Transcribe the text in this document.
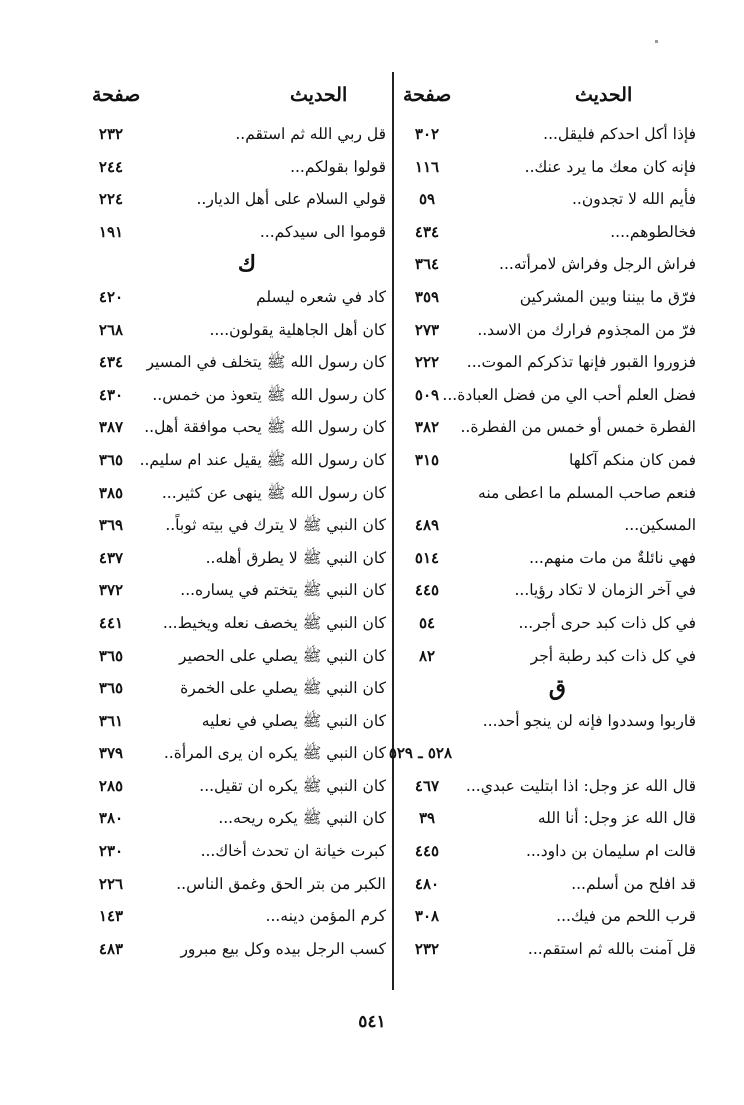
الحديث
صفحة
الحديث
صفحة
فإذا أكل احدكم فليقل...
٣٠٢
فإنه كان معك ما يرد عنك..
١١٦
فأيم الله لا تجدون..
٥٩
فخالطوهم....
٤٣٤
فراش الرجل وفراش لامرأته...
٣٦٤
فرّق ما بيننا وبين المشركين
٣٥٩
فرّ من المجذوم فرارك من الاسد..
٢٧٣
فزوروا القبور فإنها تذكركم الموت...
٢٢٢
فضل العلم أحب الي من فضل العبادة...
٥٠٩
الفطرة خمس أو خمس من الفطرة..
٣٨٢
فمن كان منكم آكلها
٣١٥
فنعم صاحب المسلم ما اعطى منه
المسكين...
٤٨٩
فهي نائلةٌ من مات منهم...
٥١٤
في آخر الزمان لا تكاد رؤيا...
٤٤٥
في كل ذات كبد حرى أجر...
٥٤
في كل ذات كبد رطبة أجر
٨٢
ق
قاربوا وسددوا فإنه لن ينجو أحد...
٥٢٨ ـ ٥٢٩
قال الله عز وجل: اذا ابتليت عبدي...
٤٦٧
قال الله عز وجل: أنا الله
٣٩
قالت ام سليمان بن داود...
٤٤٥
قد افلح من أسلم...
٤٨٠
قرب اللحم من فيك...
٣٠٨
قل آمنت بالله ثم استقم...
٢٣٢
قل ربي الله ثم استقم..
٢٣٢
قولوا بقولكم...
٢٤٤
قولي السلام على أهل الديار..
٢٢٤
قوموا الى سيدكم...
١٩١
ك
كاد في شعره ليسلم
٤٢٠
كان أهل الجاهلية يقولون....
٢٦٨
كان رسول الله ﷺ يتخلف في المسير
٤٣٤
كان رسول الله ﷺ يتعوذ من خمس..
٤٣٠
كان رسول الله ﷺ يحب موافقة أهل..
٣٨٧
كان رسول الله ﷺ يقيل عند ام سليم..
٣٦٥
كان رسول الله ﷺ ينهى عن كثير...
٣٨٥
كان النبي ﷺ لا يترك في بيته ثوباً..
٣٦٩
كان النبي ﷺ لا يطرق أهله..
٤٣٧
كان النبي ﷺ يتختم في يساره...
٣٧٢
كان النبي ﷺ يخصف نعله ويخيط...
٤٤١
كان النبي ﷺ يصلي على الحصير
٣٦٥
كان النبي ﷺ يصلي على الخمرة
٣٦٥
كان النبي ﷺ يصلي في نعليه
٣٦١
كان النبي ﷺ يكره ان يرى المرأة..
٣٧٩
كان النبي ﷺ يكره ان تقيل...
٢٨٥
كان النبي ﷺ يكره ريحه...
٣٨٠
كبرت خيانة ان تحدث أخاك...
٢٣٠
الكبر من بتر الحق وغمق الناس..
٢٢٦
كرم المؤمن دينه...
١٤٣
كسب الرجل بيده وكل بيع مبرور
٤٨٣
٥٤١
